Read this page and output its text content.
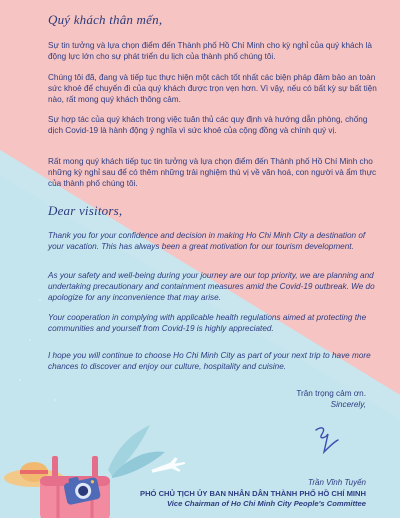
Quý khách thân mến,

Sự tin tưởng và lựa chọn điểm đến Thành phố Hồ Chí Minh cho kỳ nghỉ của quý khách là động lực lớn cho sự phát triển du lịch của thành phố chúng tôi.

Chúng tôi đã, đang và tiếp tục thực hiện một cách tốt nhất các biện pháp đảm bảo an toàn sức khoẻ để chuyến đi của quý khách được trọn vẹn hơn. Vì vậy, nếu có bất kỳ sự bất tiện nào, rất mong quý khách thông cảm.

Sự hợp tác của quý khách trong việc tuân thủ các quy định và hướng dẫn phòng, chống dịch Covid-19 là hành động ý nghĩa vì sức khoẻ của cộng đồng và chính quý vị.

Rất mong quý khách tiếp tục tin tưởng và lựa chọn điểm đến Thành phố Hồ Chí Minh cho những kỳ nghỉ sau để có thêm những trải nghiệm thú vị về văn hoá, con người và ẩm thực của thành phố chúng tôi.

Dear visitors,

Thank you for your confidence and decision in making Ho Chi Minh City a destination of your vacation. This has always been a great motivation for our tourism development.

As your safety and well-being during your journey are our top priority, we are planning and undertaking precautionary and containment measures amid the Covid-19 outbreak. We do apologize for any inconvenience that may arise.

Your cooperation in complying with applicable health regulations aimed at protecting the communities and yourself from Covid-19 is highly appreciated.

I hope you will continue to choose Ho Chi Minh City as part of your next trip to have more chances to discover and enjoy our culture, hospitality and cuisine.

Trân trọng cảm ơn.
Sincerely,
Trần Vĩnh Tuyến
PHÓ CHỦ TỊCH ỦY BAN NHÂN DÂN THÀNH PHỐ HỒ CHÍ MINH
Vice Chairman of Ho Chi Minh City People's Committee
